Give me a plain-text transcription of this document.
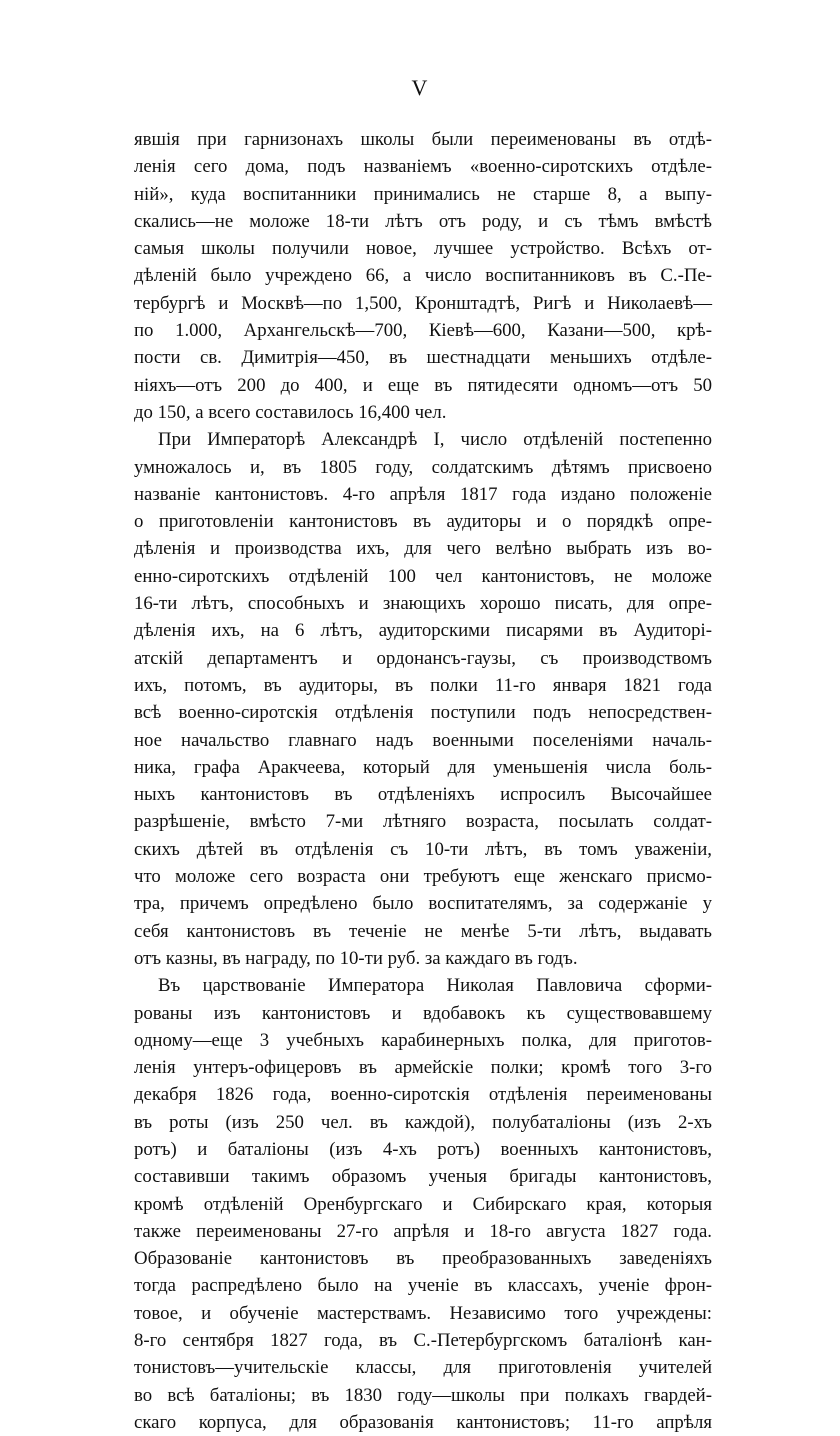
V
явшія при гарнизонахъ школы были переименованы въ отдѣ-
ленія сего дома, подъ названіемъ «военно-сиротскихъ отдѣле-
ній», куда воспитанники принимались не старше 8, а выпу-
скались—не моложе 18-ти лѣтъ отъ роду, и съ тѣмъ вмѣстѣ
самыя школы получили новое, лучшее устройство. Всѣхъ от-
дѣленій было учреждено 66, а число воспитанниковъ въ С.-Пе-
тербургѣ и Москвѣ—по 1,500, Кронштадтѣ, Ригѣ и Николаевѣ—
по 1.000, Архангельскѣ—700, Кіевѣ—600, Казани—500, крѣ-
пости св. Димитрія—450, въ шестнадцати меньшихъ отдѣле-
ніяхъ—отъ 200 до 400, и еще въ пятидесяти одномъ—отъ 50
до 150, а всего составилось 16,400 чел.
При Императорѣ Александрѣ I, число отдѣленій постепенно
умножалось и, въ 1805 году, солдатскимъ дѣтямъ присвоено
названіе кантонистовъ. 4-го апрѣля 1817 года издано положеніе
о приготовленіи кантонистовъ въ аудиторы и о порядкѣ опре-
дѣленія и производства ихъ, для чего велѣно выбрать изъ во-
енно-сиротскихъ отдѣленій 100 чел кантонистовъ, не моложе
16-ти лѣтъ, способныхъ и знающихъ хорошо писать, для опре-
дѣленія ихъ, на 6 лѣтъ, аудиторскими писарями въ Аудиторі-
атскій департаментъ и ордонансъ-гаузы, съ производствомъ
ихъ, потомъ, въ аудиторы, въ полки 11-го января 1821 года
всѣ военно-сиротскія отдѣленія поступили подъ непосредствен-
ное начальство главнаго надъ военными поселеніями началь-
ника, графа Аракчеева, который для уменьшенія числа боль-
ныхъ кантонистовъ въ отдѣленіяхъ испросилъ Высочайшее
разрѣшеніе, вмѣсто 7-ми лѣтняго возраста, посылать солдат-
скихъ дѣтей въ отдѣленія съ 10-ти лѣтъ, въ томъ уваженіи,
что моложе сего возраста они требуютъ еще женскаго присмо-
тра, причемъ опредѣлено было воспитателямъ, за содержаніе у
себя кантонистовъ въ теченіе не менѣе 5-ти лѣтъ, выдавать
отъ казны, въ награду, по 10-ти руб. за каждаго въ годъ.
Въ царствованіе Императора Николая Павловича сформи-
рованы изъ кантонистовъ и вдобавокъ къ существовавшему
одному—еще 3 учебныхъ карабинерныхъ полка, для приготов-
ленія унтеръ-офицеровъ въ армейскіе полки; кромѣ того 3-го
декабря 1826 года, военно-сиротскія отдѣленія переименованы
въ роты (изъ 250 чел. въ каждой), полубаталіоны (изъ 2-хъ
ротъ) и баталіоны (изъ 4-хъ ротъ) военныхъ кантонистовъ,
составивши такимъ образомъ ученыя бригады кантонистовъ,
кромѣ отдѣленій Оренбургскаго и Сибирскаго края, которыя
также переименованы 27-го апрѣля и 18-го августа 1827 года.
Образованіе кантонистовъ въ преобразованныхъ заведеніяхъ
тогда распредѣлено было на ученіе въ классахъ, ученіе фрон-
товое, и обученіе мастерствамъ. Независимо того учреждены:
8-го сентября 1827 года, въ С.-Петербургскомъ баталіонѣ кан-
тонистовъ—учительскіе классы, для приготовленія учителей
во всѣ баталіоны; въ 1830 году—школы при полкахъ гвардей-
скаго корпуса, для образованія кантонистовъ; 11-го апрѣля
